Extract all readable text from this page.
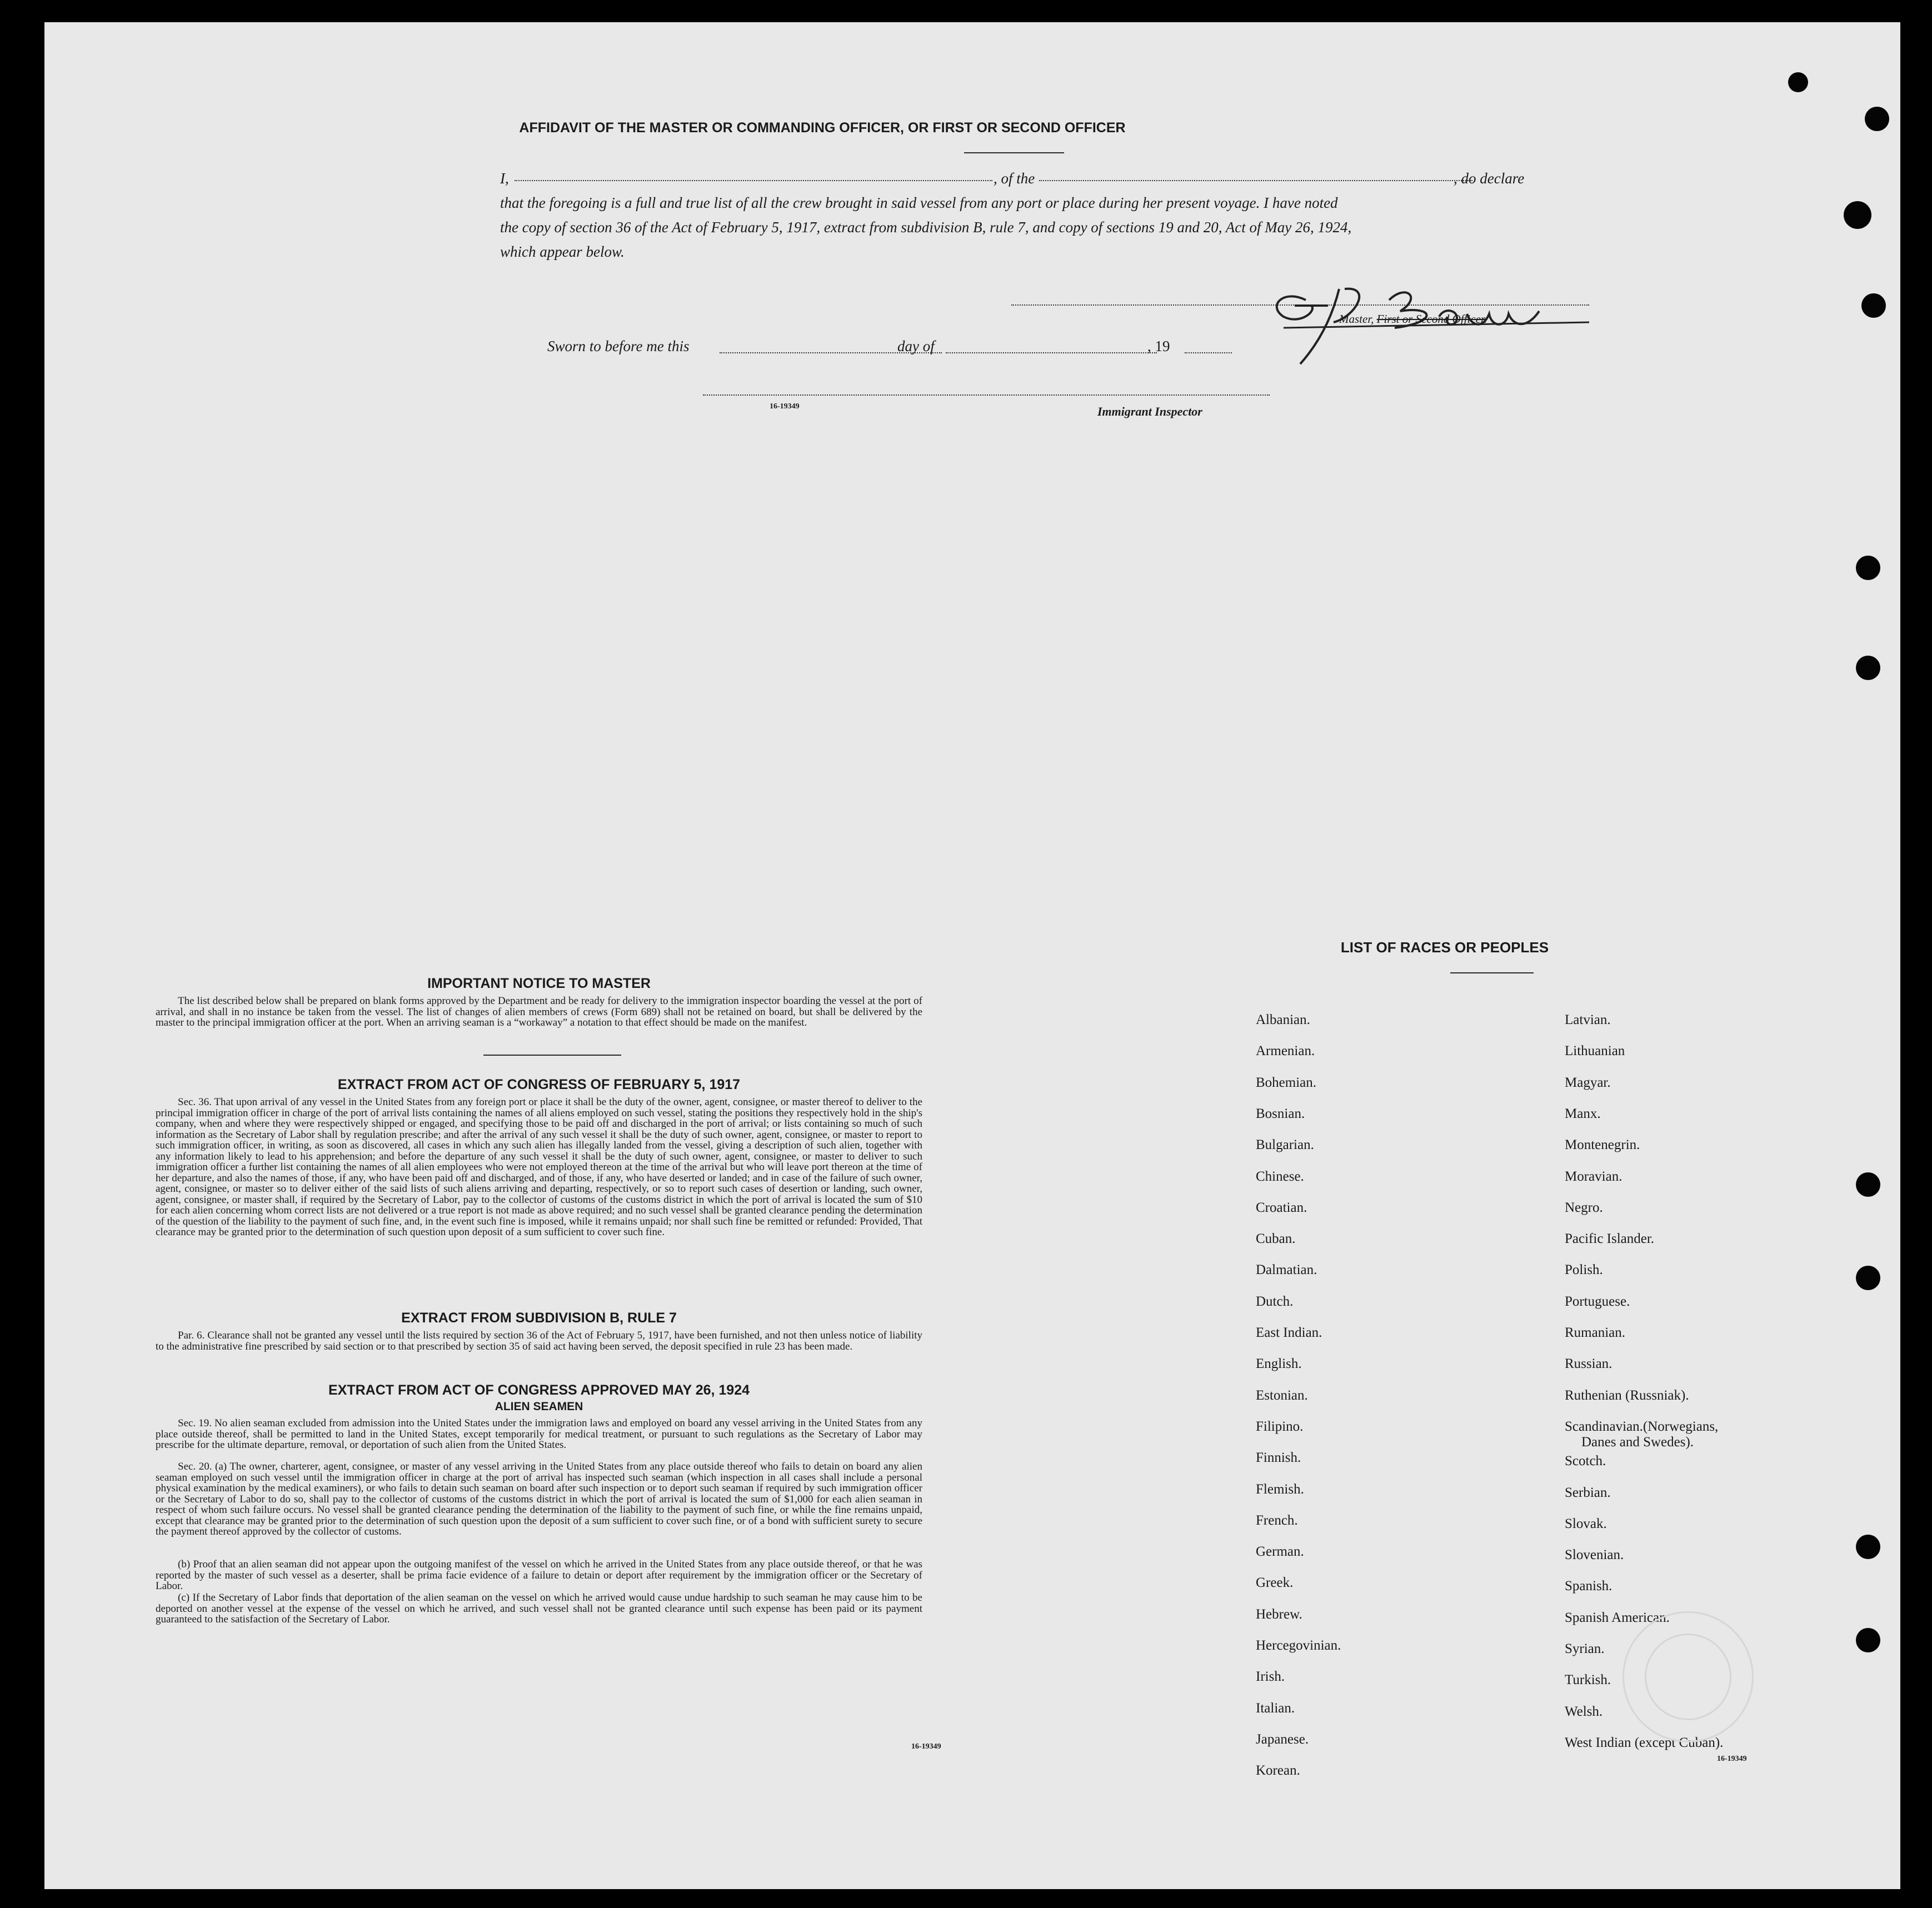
AFFIDAVIT OF THE MASTER OR COMMANDING OFFICER, OR FIRST OR SECOND OFFICER
I,	, of the	, do declare
that the foregoing is a full and true list of all the crew brought in said vessel from any port or place during her present voyage. I have noted
the copy of section 36 of the Act of February 5, 1917, extract from subdivision B, rule 7, and copy of sections 19 and 20, Act of May 26, 1924,
which appear below.
Master, First or Second Officer.
Sworn to before me this	day of	, 19
16-19349	Immigrant Inspector
IMPORTANT NOTICE TO MASTER
The list described below shall be prepared on blank forms approved by the Department and be ready for delivery to the immigration inspector boarding the vessel at the port of arrival, and shall in no instance be taken from the vessel. The list of changes of alien members of crews (Form 689) shall not be retained on board, but shall be delivered by the master to the principal immigration officer at the port. When an arriving seaman is a “workaway” a notation to that effect should be made on the manifest.
EXTRACT FROM ACT OF CONGRESS OF FEBRUARY 5, 1917
Sec. 36. That upon arrival of any vessel in the United States from any foreign port or place it shall be the duty of the owner, agent, consignee, or master thereof to deliver to the principal immigration officer in charge of the port of arrival lists containing the names of all aliens employed on such vessel, stating the positions they respectively hold in the ship's company, when and where they were respectively shipped or engaged, and specifying those to be paid off and discharged in the port of arrival; or lists containing so much of such information as the Secretary of Labor shall by regulation prescribe; and after the arrival of any such vessel it shall be the duty of such owner, agent, consignee, or master to report to such immigration officer, in writing, as soon as discovered, all cases in which any such alien has illegally landed from the vessel, giving a description of such alien, together with any information likely to lead to his apprehension; and before the departure of any such vessel it shall be the duty of such owner, agent, consignee, or master to deliver to such immigration officer a further list containing the names of all alien employees who were not employed thereon at the time of the arrival but who will leave port thereon at the time of her departure, and also the names of those, if any, who have been paid off and discharged, and of those, if any, who have deserted or landed; and in case of the failure of such owner, agent, consignee, or master so to deliver either of the said lists of such aliens arriving and departing, respectively, or so to report such cases of desertion or landing, such owner, agent, consignee, or master shall, if required by the Secretary of Labor, pay to the collector of customs of the customs district in which the port of arrival is located the sum of $10 for each alien concerning whom correct lists are not delivered or a true report is not made as above required; and no such vessel shall be granted clearance pending the determination of the question of the liability to the payment of such fine, and, in the event such fine is imposed, while it remains unpaid; nor shall such fine be remitted or refunded: Provided, That clearance may be granted prior to the determination of such question upon deposit of a sum sufficient to cover such fine.
EXTRACT FROM SUBDIVISION B, RULE 7
Par. 6. Clearance shall not be granted any vessel until the lists required by section 36 of the Act of February 5, 1917, have been furnished, and not then unless notice of liability to the administrative fine prescribed by said section or to that prescribed by section 35 of said act having been served, the deposit specified in rule 23 has been made.
EXTRACT FROM ACT OF CONGRESS APPROVED MAY 26, 1924
ALIEN SEAMEN
Sec. 19. No alien seaman excluded from admission into the United States under the immigration laws and employed on board any vessel arriving in the United States from any place outside thereof, shall be permitted to land in the United States, except temporarily for medical treatment, or pursuant to such regulations as the Secretary of Labor may prescribe for the ultimate departure, removal, or deportation of such alien from the United States.
Sec. 20. (a) The owner, charterer, agent, consignee, or master of any vessel arriving in the United States from any place outside thereof who fails to detain on board any alien seaman employed on such vessel until the immigration officer in charge at the port of arrival has inspected such seaman (which inspection in all cases shall include a personal physical examination by the medical examiners), or who fails to detain such seaman on board after such inspection or to deport such seaman if required by such immigration officer or the Secretary of Labor to do so, shall pay to the collector of customs of the customs district in which the port of arrival is located the sum of $1,000 for each alien seaman in respect of whom such failure occurs. No vessel shall be granted clearance pending the determination of the liability to the payment of such fine, or while the fine remains unpaid, except that clearance may be granted prior to the determination of such question upon the deposit of a sum sufficient to cover such fine, or of a bond with sufficient surety to secure the payment thereof approved by the collector of customs.
(b) Proof that an alien seaman did not appear upon the outgoing manifest of the vessel on which he arrived in the United States from any place outside thereof, or that he was reported by the master of such vessel as a deserter, shall be prima facie evidence of a failure to detain or deport after requirement by the immigration officer or the Secretary of Labor.
(c) If the Secretary of Labor finds that deportation of the alien seaman on the vessel on which he arrived would cause undue hardship to such seaman he may cause him to be deported on another vessel at the expense of the vessel on which he arrived, and such vessel shall not be granted clearance until such expense has been paid or its payment guaranteed to the satisfaction of the Secretary of Labor.
16-19349
LIST OF RACES OR PEOPLES
Albanian.
Armenian.
Bohemian.
Bosnian.
Bulgarian.
Chinese.
Croatian.
Cuban.
Dalmatian.
Dutch.
East Indian.
English.
Estonian.
Filipino.
Finnish.
Flemish.
French.
German.
Greek.
Hebrew.
Hercegovinian.
Irish.
Italian.
Japanese.
Korean.
Latvian.
Lithuanian
Magyar.
Manx.
Montenegrin.
Moravian.
Negro.
Pacific Islander.
Polish.
Portuguese.
Rumanian.
Russian.
Ruthenian (Russniak).
Scandinavian.(Norwegians,
Danes and Swedes).
Scotch.
Serbian.
Slovak.
Slovenian.
Spanish.
Spanish American.
Syrian.
Turkish.
Welsh.
West Indian (except Cuban).
16-19349
